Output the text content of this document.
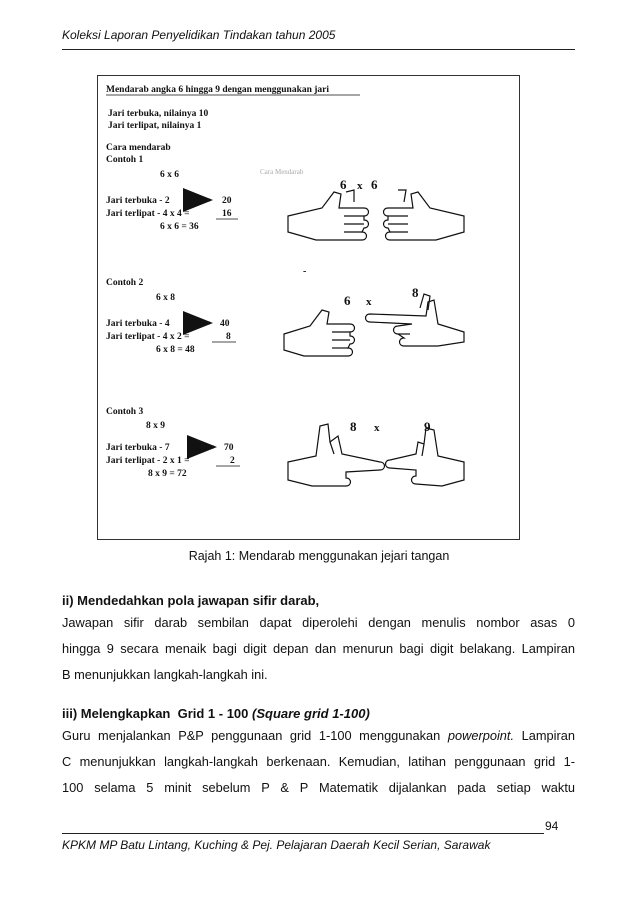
Koleksi Laporan Penyelidikan Tindakan tahun 2005
Mendarab angka 6 hingga 9 dengan menggunakan jari
Jari terbuka, nilainya 10
Jari terlipat, nilainya 1
Cara mendarab
Cara Mendarab
Contoh 1
6 x 6
Jari terbuka - 2	20
Jari terlipat - 4 x 4 =	16
6 x 6 = 36
6 x 6
-
Contoh 2
6 x 8
Jari terbuka - 4	40
Jari terlipat - 4 x 2 =	8
6 x 8 = 48
6 x
8
Contoh 3
8 x 9
Jari terbuka - 7	70
Jari terlipat - 2 x 1 =	2
8 x 9 = 72
8 x	9
Rajah 1: Mendarab menggunakan jejari tangan
ii) Mendedahkan pola jawapan sifir darab,
Jawapan sifir darab sembilan dapat diperolehi dengan menulis nombor asas 0
hingga 9 secara menaik bagi digit depan dan menurun bagi digit belakang. Lampiran
B menunjukkan langkah-langkah ini.
iii) Melengkapkan  Grid 1 - 100 (Square grid 1-100)
Guru menjalankan P&P penggunaan grid 1-100 menggunakan powerpoint. Lampiran
C menunjukkan langkah-langkah berkenaan. Kemudian, latihan penggunaan grid 1-
100 selama 5 minit sebelum P & P Matematik dijalankan pada setiap waktu
94
KPKM MP Batu Lintang, Kuching & Pej. Pelajaran Daerah Kecil Serian, Sarawak
